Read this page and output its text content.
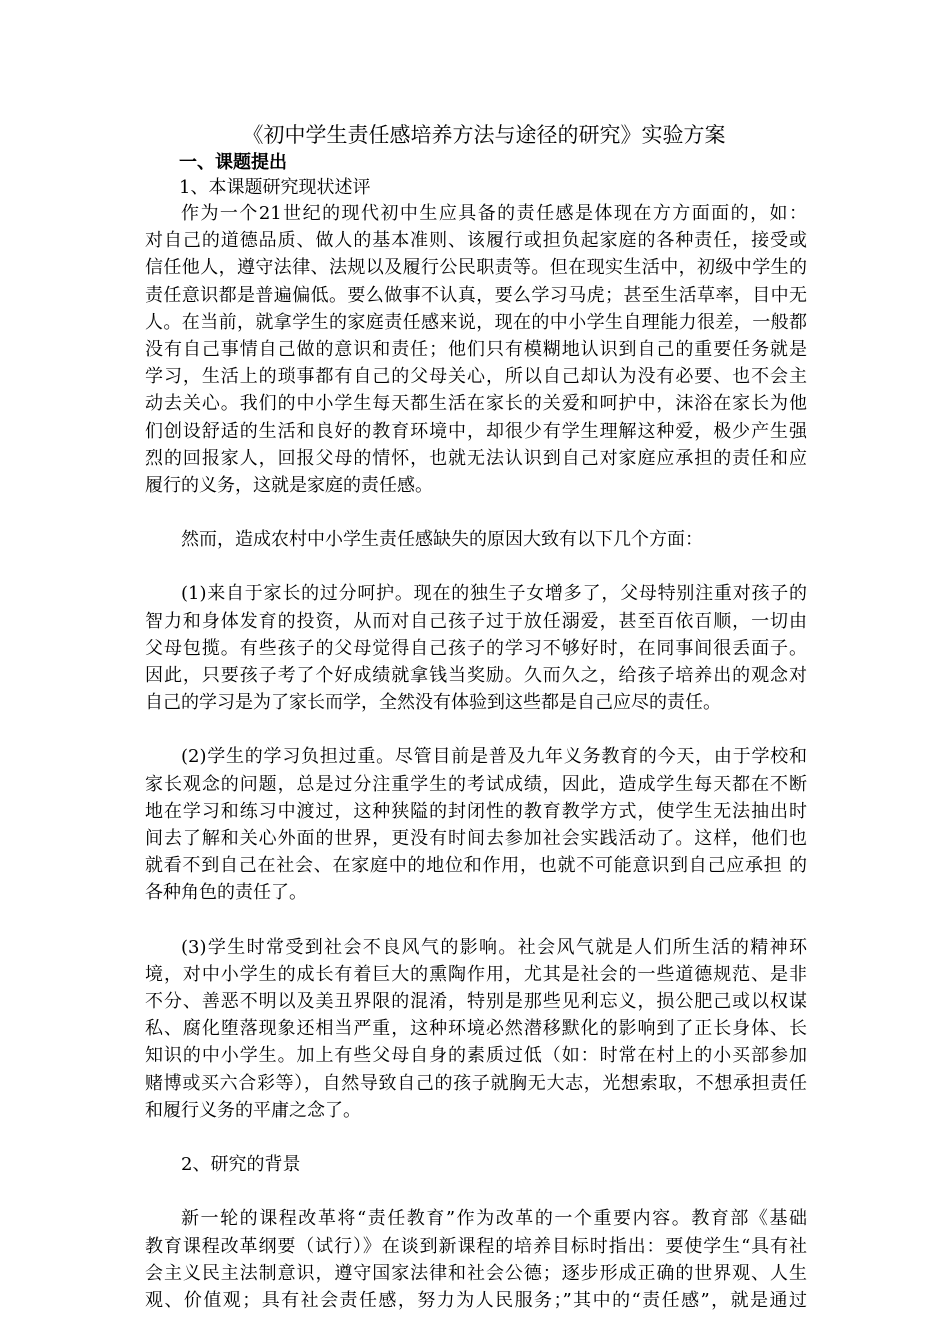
《初中学生责任感培养方法与途径的研究》实验方案
一、课题提出
1、本课题研究现状述评
作为一个21世纪的现代初中生应具备的责任感是体现在方方面面的，如：
对自己的道德品质、做人的基本准则、该履行或担负起家庭的各种责任，接受或
信任他人，遵守法律、法规以及履行公民职责等。但在现实生活中，初级中学生的
责任意识都是普遍偏低。要么做事不认真，要么学习马虎；甚至生活草率，目中无
人。在当前，就拿学生的家庭责任感来说，现在的中小学生自理能力很差，一般都
没有自己事情自己做的意识和责任；他们只有模糊地认识到自己的重要任务就是
学习，生活上的琐事都有自己的父母关心，所以自己却认为没有必要、也不会主
动去关心。我们的中小学生每天都生活在家长的关爱和呵护中，沫浴在家长为他
们创设舒适的生活和良好的教育环境中，却很少有学生理解这种爱，极少产生强
烈的回报家人，回报父母的情怀，也就无法认识到自己对家庭应承担的责任和应
履行的义务，这就是家庭的责任感。
然而，造成农村中小学生责任感缺失的原因大致有以下几个方面：
(1)来自于家长的过分呵护。现在的独生子女增多了，父母特别注重对孩子的
智力和身体发育的投资，从而对自己孩子过于放任溺爱，甚至百依百顺，一切由
父母包揽。有些孩子的父母觉得自己孩子的学习不够好时，在同事间很丢面子。
因此，只要孩子考了个好成绩就拿钱当奖励。久而久之，给孩子培养出的观念对
自己的学习是为了家长而学，全然没有体验到这些都是自己应尽的责任。
(2)学生的学习负担过重。尽管目前是普及九年义务教育的今天，由于学校和
家长观念的问题，总是过分注重学生的考试成绩，因此，造成学生每天都在不断
地在学习和练习中渡过，这种狭隘的封闭性的教育教学方式，使学生无法抽出时
间去了解和关心外面的世界，更没有时间去参加社会实践活动了。这样，他们也
就看不到自己在社会、在家庭中的地位和作用，也就不可能意识到自己应承担 的
各种角色的责任了。
(3)学生时常受到社会不良风气的影响。社会风气就是人们所生活的精神环
境，对中小学生的成长有着巨大的熏陶作用，尤其是社会的一些道德规范、是非
不分、善恶不明以及美丑界限的混淆，特别是那些见利忘义，损公肥己或以权谋
私、腐化堕落现象还相当严重，这种环境必然潜移默化的影响到了正长身体、长
知识的中小学生。加上有些父母自身的素质过低（如：时常在村上的小买部参加
赌博或买六合彩等），自然导致自己的孩子就胸无大志，光想索取，不想承担责任
和履行义务的平庸之念了。
2、研究的背景
新一轮的课程改革将“责任教育”作为改革的一个重要内容。教育部《基础
教育课程改革纲要（试行）》在谈到新课程的培养目标时指出：要使学生“具有社
会主义民主法制意识，遵守国家法律和社会公德；逐步形成正确的世界观、人生
观、价值观；具有社会责任感，努力为人民服务；”其中的“责任感”，就是通过
